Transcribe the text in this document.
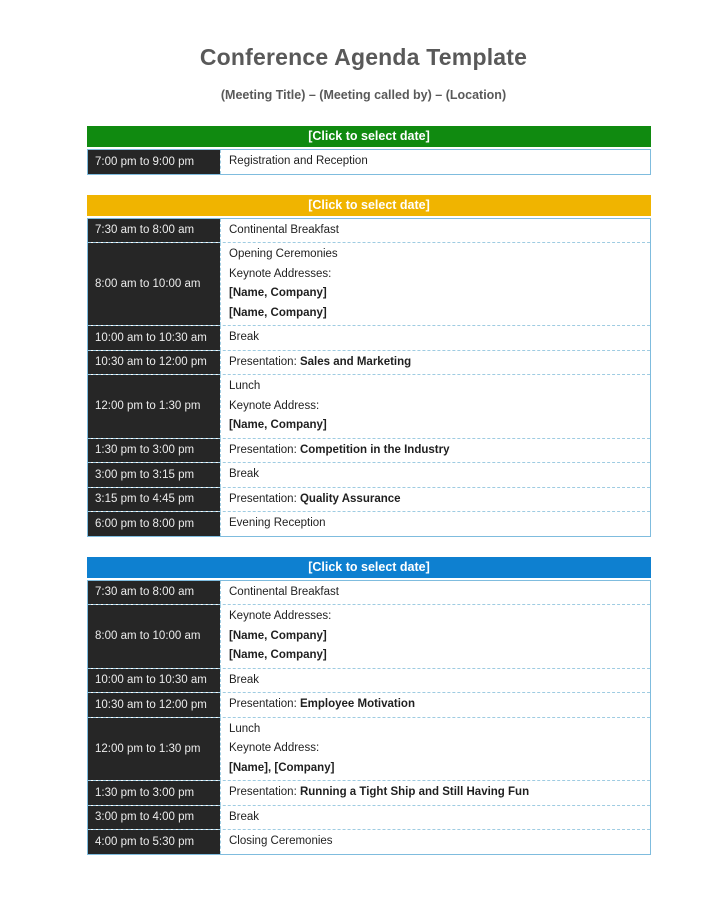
Conference Agenda Template
(Meeting Title) – (Meeting called by) – (Location)
[Click to select date]
7:00 pm to 9:00 pm	Registration and Reception
[Click to select date]
7:30 am to 8:00 am	Continental Breakfast
8:00 am to 10:00 am
Opening Ceremonies
Keynote Addresses:
[Name, Company]
[Name, Company]
10:00 am to 10:30 am	Break
10:30 am to 12:00 pm	Presentation: Sales and Marketing
12:00 pm to 1:30 pm
Lunch
Keynote Address:
[Name, Company]
1:30 pm to 3:00 pm	Presentation: Competition in the Industry
3:00 pm to 3:15 pm	Break
3:15 pm to 4:45 pm	Presentation: Quality Assurance
6:00 pm to 8:00 pm	Evening Reception
[Click to select date]
7:30 am to 8:00 am	Continental Breakfast
8:00 am to 10:00 am
Keynote Addresses:
[Name, Company]
[Name, Company]
10:00 am to 10:30 am	Break
10:30 am to 12:00 pm	Presentation: Employee Motivation
12:00 pm to 1:30 pm
Lunch
Keynote Address:
[Name], [Company]
1:30 pm to 3:00 pm	Presentation: Running a Tight Ship and Still Having Fun
3:00 pm to 4:00 pm	Break
4:00 pm to 5:30 pm	Closing Ceremonies
